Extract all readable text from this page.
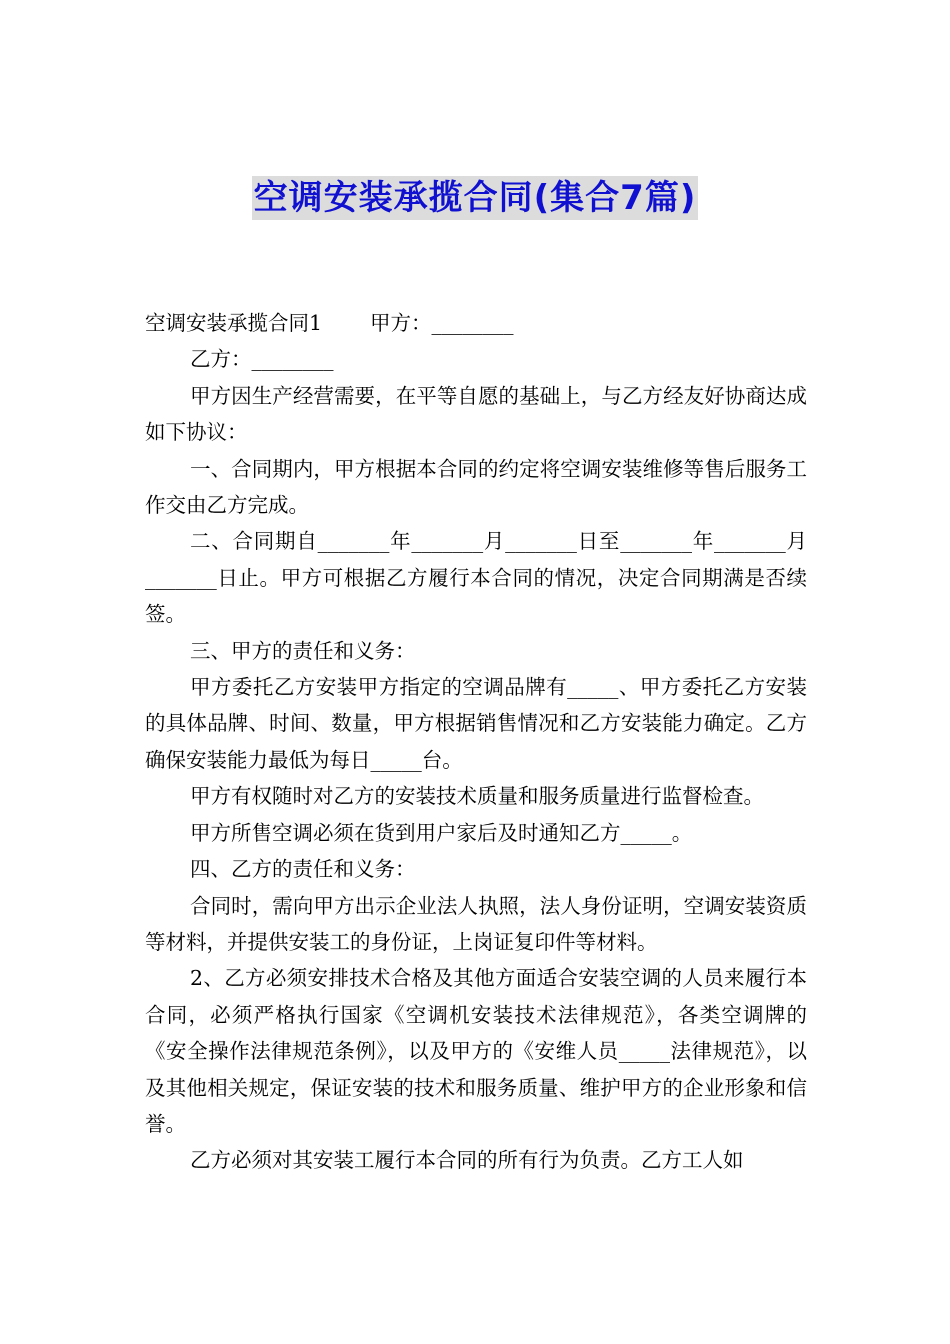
空调安装承揽合同(集合7篇)

空调安装承揽合同1 甲方：________

乙方：________

甲方因生产经营需要，在平等自愿的基础上，与乙方经友好协商达成如下协议：

一、合同期内，甲方根据本合同的约定将空调安装维修等售后服务工作交由乙方完成。

二、合同期自_______年_______月_______日至_______年_______月_______日止。甲方可根据乙方履行本合同的情况，决定合同期满是否续签。

三、甲方的责任和义务：

甲方委托乙方安装甲方指定的空调品牌有_____、甲方委托乙方安装的具体品牌、时间、数量，甲方根据销售情况和乙方安装能力确定。乙方确保安装能力最低为每日_____台。

甲方有权随时对乙方的安装技术质量和服务质量进行监督检查。

甲方所售空调必须在货到用户家后及时通知乙方_____。

四、乙方的责任和义务：

合同时，需向甲方出示企业法人执照，法人身份证明，空调安装资质等材料，并提供安装工的身份证，上岗证复印件等材料。

2、乙方必须安排技术合格及其他方面适合安装空调的人员来履行本合同，必须严格执行国家《空调机安装技术法律规范》，各类空调牌的《安全操作法律规范条例》，以及甲方的《安维人员_____法律规范》，以及其他相关规定，保证安装的技术和服务质量、维护甲方的企业形象和信誉。

乙方必须对其安装工履行本合同的所有行为负责。乙方工人如
